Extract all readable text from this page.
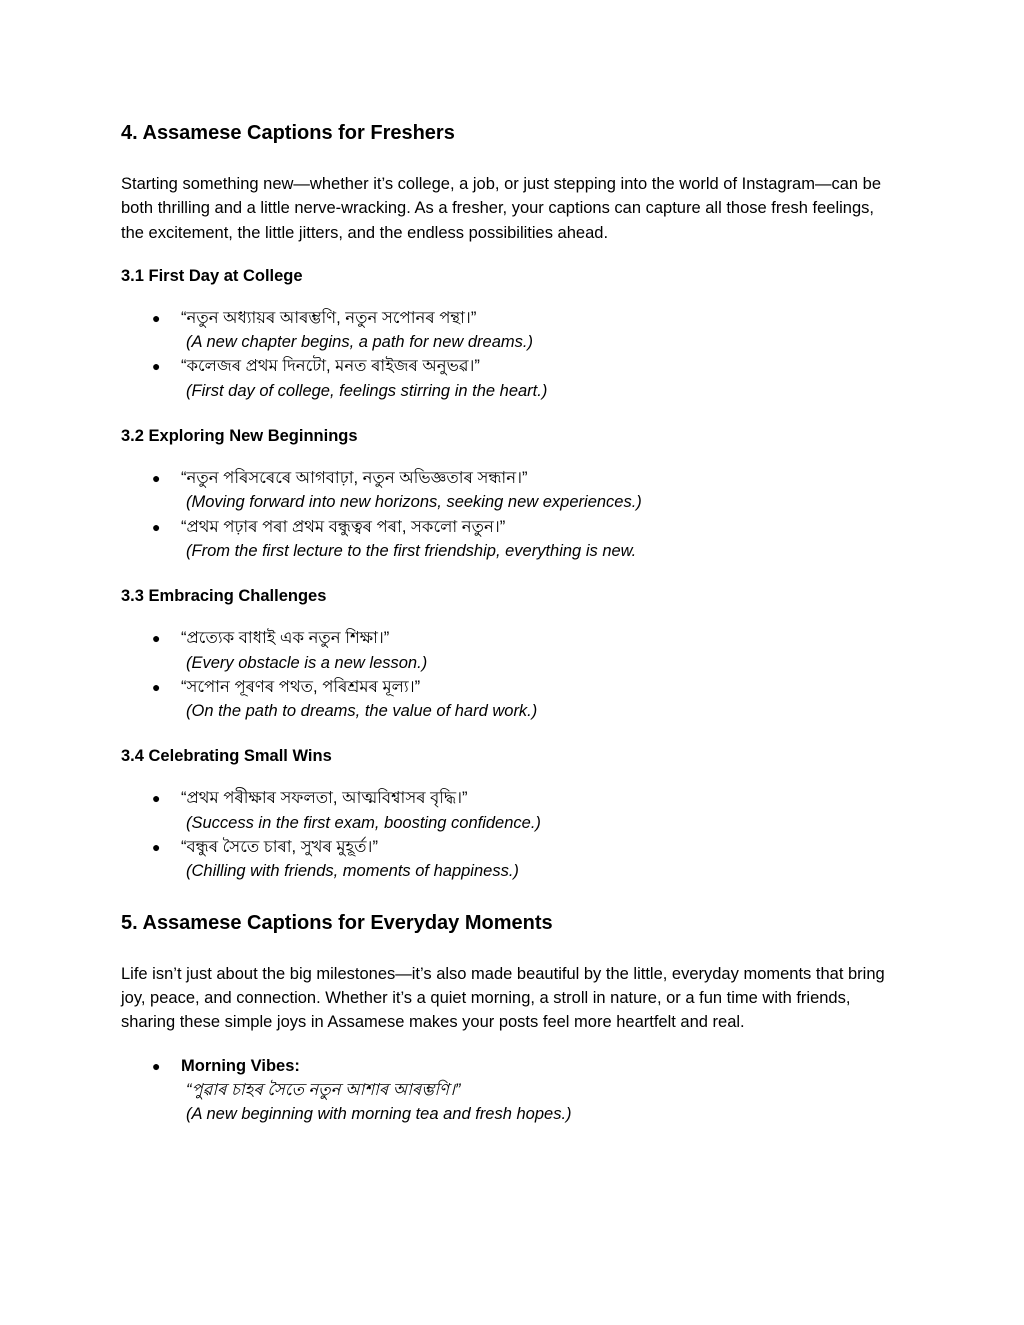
4. Assamese Captions for Freshers

Starting something new—whether it’s college, a job, or just stepping into the world of Instagram—can be both thrilling and a little nerve-wracking. As a fresher, your captions can capture all those fresh feelings, the excitement, the little jitters, and the endless possibilities ahead.

3.1 First Day at College
● “নতুন অধ্যায়ৰ আৰম্ভণি, নতুন সপোনৰ পন্থা।”
(A new chapter begins, a path for new dreams.)
● “কলেজৰ প্ৰথম দিনটো, মনত ৰাইজৰ অনুভৱ।”
(First day of college, feelings stirring in the heart.)
3.2 Exploring New Beginnings
● “নতুন পৰিসৰেৰে আগবাঢ়া, নতুন অভিজ্ঞতাৰ সন্ধান।”
(Moving forward into new horizons, seeking new experiences.)
● “প্ৰথম পঢ়াৰ পৰা প্ৰথম বন্ধুত্বৰ পৰা, সকলো নতুন।”
(From the first lecture to the first friendship, everything is new.
3.3 Embracing Challenges
● “প্ৰত্যেক বাধাই এক নতুন শিক্ষা।”
(Every obstacle is a new lesson.)
● “সপোন পূৰণৰ পথত, পৰিশ্ৰমৰ মূল্য।”
(On the path to dreams, the value of hard work.)
3.4 Celebrating Small Wins
● “প্ৰথম পৰীক্ষাৰ সফলতা, আত্মবিশ্বাসৰ বৃদ্ধি।”
(Success in the first exam, boosting confidence.)
● “বন্ধুৰ সৈতে চাৰা, সুখৰ মুহূৰ্ত।”
(Chilling with friends, moments of happiness.)
5. Assamese Captions for Everyday Moments

Life isn’t just about the big milestones—it’s also made beautiful by the little, everyday moments that bring joy, peace, and connection. Whether it’s a quiet morning, a stroll in nature, or a fun time with friends, sharing these simple joys in Assamese makes your posts feel more heartfelt and real.

● Morning Vibes:
“পুৱাৰ চাহৰ সৈতে নতুন আশাৰ আৰম্ভণি।”
(A new beginning with morning tea and fresh hopes.)
